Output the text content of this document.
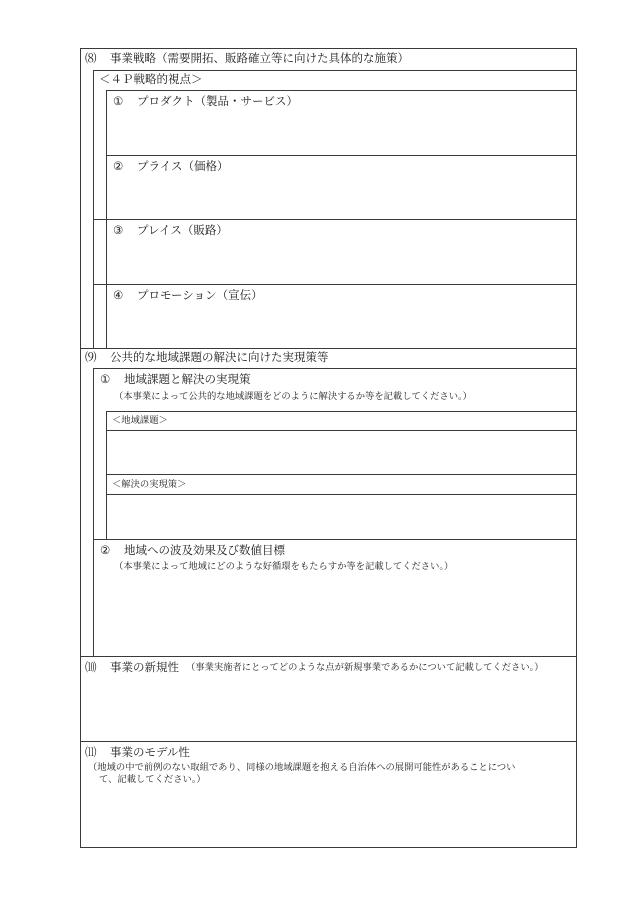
⑻ 事業戦略（需要開拓、販路確立等に向けた具体的な施策）
＜４Ｐ戦略的視点＞
① プロダクト（製品・サービス）
② プライス（価格）
③ プレイス（販路）
④ プロモーション（宣伝）
⑼ 公共的な地域課題の解決に向けた実現策等
① 地域課題と解決の実現策
（本事業によって公共的な地域課題をどのように解決するか等を記載してください。）
＜地域課題＞
＜解決の実現策＞
② 地域への波及効果及び数値目標
（本事業によって地域にどのような好循環をもたらすか等を記載してください。）
⑽ 事業の新規性 （事業実施者にとってどのような点が新規事業であるかについて記載してください。）
⑾ 事業のモデル性
（地域の中で前例のない取組であり、同様の地域課題を抱える自治体への展開可能性があることについ
て、記載してください。）
